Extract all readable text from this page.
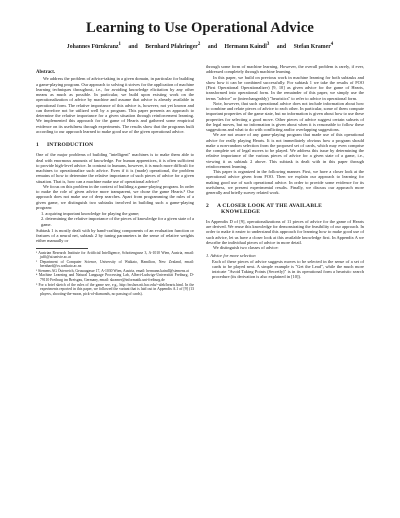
Learning to Use Operational Advice
Johannes Fürnkranz$^1$ and Bernhard Pfahringer$^2$ and Hermann Kaindl$^3$ and Stefan Kramer$^4$
Abstract.

We address the problem of advice-taking in a given domain, in particular for building a game-playing program. Our approach to solving it strives for the application of machine learning techniques throughout, i.e., for avoiding knowledge elicitation by any other means as much as possible. In particular, we build upon existing work on the operationalization of advice by machine and assume that advice is already available in operational form. The relative importance of this advice is, however, not yet known and can therefore not be utilized well by a program. This paper presents an approach to determine the relative importance for a given situation through reinforcement learning. We implemented this approach for the game of Hearts and gathered some empirical evidence on its usefulness through experiments. The results show that the programs built according to our approach learned to make good use of the given operational advice.

1 INTRODUCTION

One of the major problems of building "intelligent" machines is to make them able to deal with enormous amounts of knowledge. For human apprentices, it is often sufficient to provide high-level advice. In contrast to humans, however, it is much more difficult for machines to operationalize such advice. Even if it is (made) operational, the problem remains of how to determine the relative importance of such pieces of advice for a given situation. That is, how can a machine make use of operational advice?

We focus on this problem in the context of building a game-playing program. In order to make the role of given advice more transparent, we chose the game Hearts.⁵ Our approach does not make use of deep searches. Apart from programming the rules of a given game, we distinguish two subtasks involved in building such a game-playing program:

1. acquiring important knowledge for playing the game;
2. determining the relative importance of the pieces of knowledge for a given state of a game.

Subtask 1 is mostly dealt with by hand-crafting components of an evaluation function or features of a neural net, subtask 2 by tuning parameters in the sense of relative weights either manually or

¹ Austrian Research Institute for Artificial Intelligence, Schottengasse 3, A-1010 Wien, Austria, email: juffi@ai.univie.ac.at
² Department of Computer Science, University of Waikato, Hamilton, New Zealand, email: bernhard@cs.waikato.ac.nz
³ Siemens AG Österreich, Geusaugasse 17, A-1030 Wien, Austria, email: hermann.kaindl@siemens.at
⁴ Machine Learning and Natural Language Processing Lab, Albert-Ludwigs-Universität Freiburg, D-79110 Freiburg im Breisgau, Germany, email: skramer@informatik.uni-freiburg.de
⁵ For a brief sketch of the rules of the game see, e.g., http://mslsrn.nit.bac.edu/~alek/hearts.html. In the experiments reported in this paper, we followed the variant that is laid out in Appendix A.1 of [9] (13 players, shooting-the-moon, pick-of-diamonds, no passing of cards).

through some form of machine learning. However, the overall problem is rarely, if ever, addressed completely through machine learning.

In this paper, we build on previous work in machine learning for both subtasks and show how it can be combined successfully. For subtask 1 we take the results of FOO (First Operational Operationalizer) [9, 10] as given advice for the game of Hearts, transformed into operational form. In the remainder of this paper, we simply use the terms "advice" or (interchangeably) "heuristics" to refer to advice in operational form.

Note, however, that such operational advice does not include information about how to combine and relate pieces of advice to each other. In particular, some of them compute important properties of the game state, but no information is given about how to use these properties for selecting a good move. Other pieces of advice suggest certain subsets of the legal moves, but no information is given about when it is reasonable to follow these suggestions and what to do with conflicting and/or overlapping suggestions.

We are not aware of any game-playing program that made use of this operational advice for really playing Hearts. It is not immediately obvious how a program should make a non-random selection from the proposed set of cards, which may even comprise the complete set of legal moves to be played. We address this issue by determining the relative importance of the various pieces of advice for a given state of a game, i.e., viewing it as subtask 2 above. This subtask is dealt with in this paper through reinforcement learning.

This paper is organized in the following manner. First, we have a closer look at the operational advice given from FOO. Then we explain our approach to learning for making good use of such operational advice. In order to provide some evidence for its usefulness, we present experimental results. Finally, we discuss our approach more generally and briefly survey related work.

2 A CLOSER LOOK AT THE AVAILABLE
KNOWLEDGE

In Appendix D of [9], operationalizations of 11 pieces of advice for the game of Hearts are derived. We reuse this knowledge for demonstrating the feasibility of our approach. In order to make it easier to understand this approach for learning how to make good use of such advice, let us have a closer look at this available knowledge first. In Appendix A we describe the individual pieces of advice in more detail.

We distinguish two classes of advice:

1. Advice for move selection

Each of these pieces of advice suggests moves to be selected in the sense of a set of cards to be played next. A simple example is "Get the Lead", while the much more intricate "Avoid Taking Points (Secretly)" is in its operational form a heuristic search procedure (its derivation is also explained in [10]).
